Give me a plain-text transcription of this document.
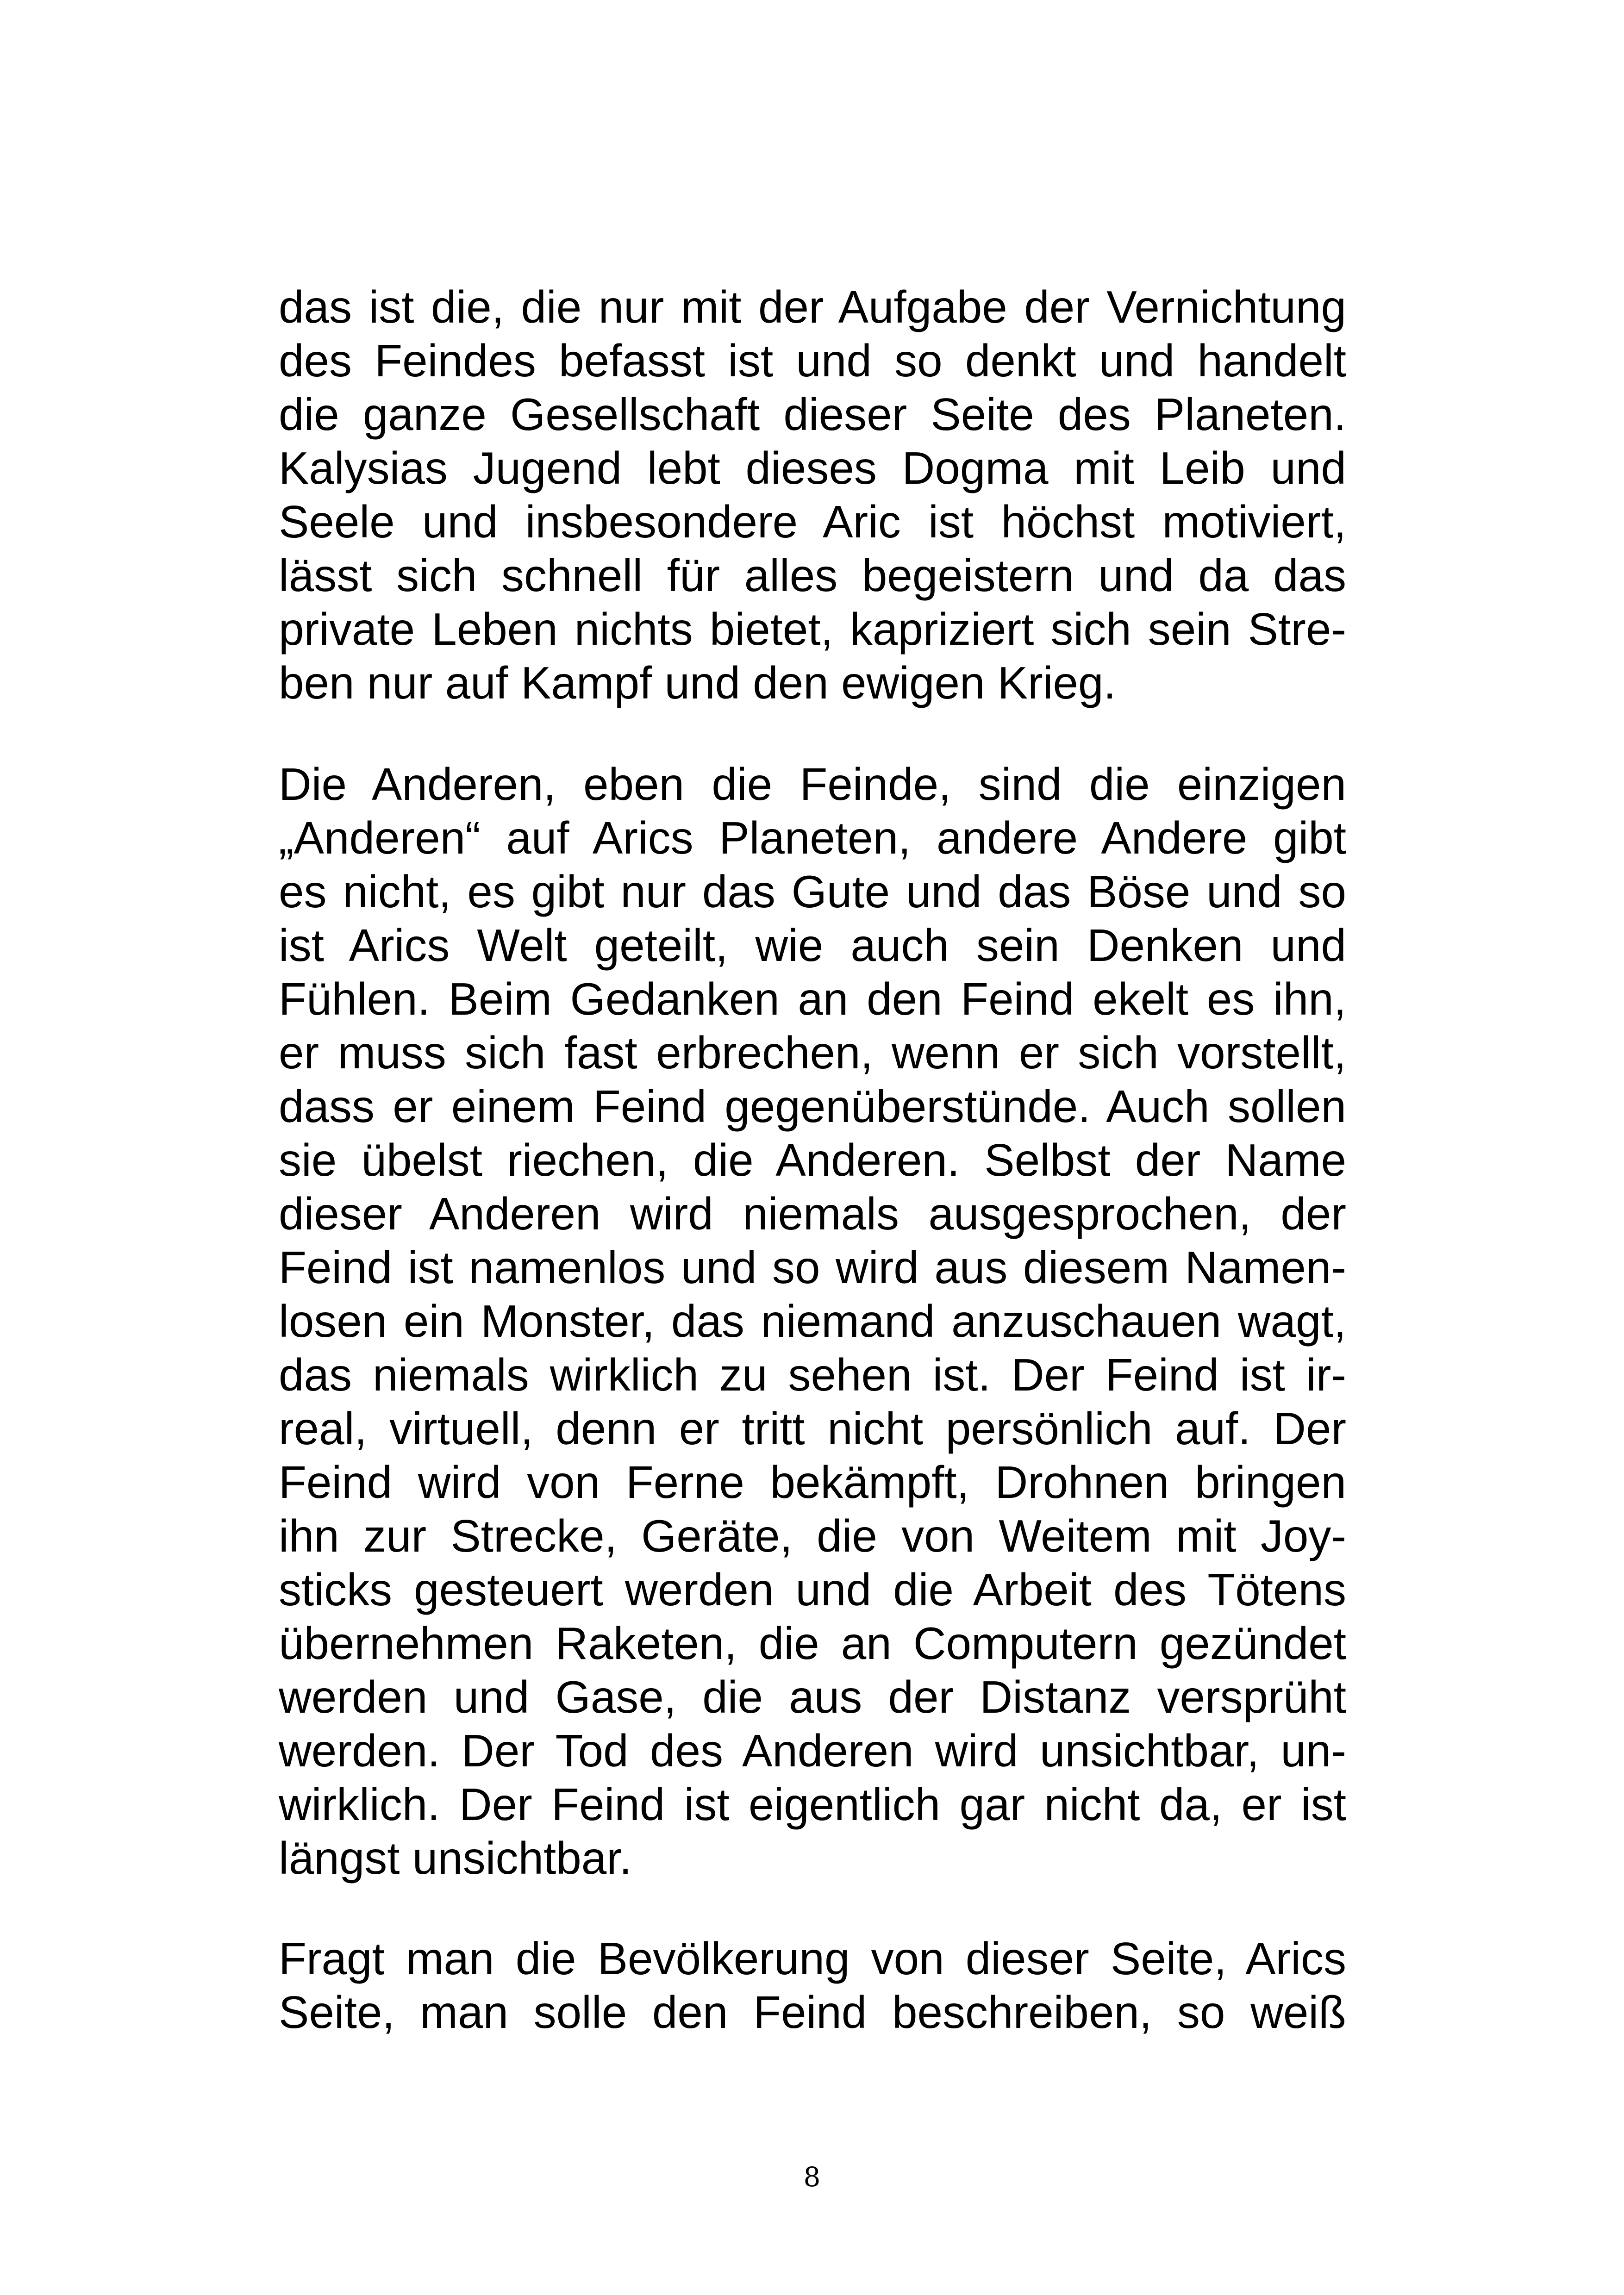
das ist die, die nur mit der Aufgabe der Vernichtung
des Feindes befasst ist und so denkt und handelt
die ganze Gesellschaft dieser Seite des Planeten.
Kalysias Jugend lebt dieses Dogma mit Leib und
Seele und insbesondere Aric ist höchst motiviert,
lässt sich schnell für alles begeistern und da das
private Leben nichts bietet, kapriziert sich sein Stre-
ben nur auf Kampf und den ewigen Krieg.
Die Anderen, eben die Feinde, sind die einzigen
„Anderen“ auf Arics Planeten, andere Andere gibt
es nicht, es gibt nur das Gute und das Böse und so
ist Arics Welt geteilt, wie auch sein Denken und
Fühlen. Beim Gedanken an den Feind ekelt es ihn,
er muss sich fast erbrechen, wenn er sich vorstellt,
dass er einem Feind gegenüberstünde. Auch sollen
sie übelst riechen, die Anderen. Selbst der Name
dieser Anderen wird niemals ausgesprochen, der
Feind ist namenlos und so wird aus diesem Namen-
losen ein Monster, das niemand anzuschauen wagt,
das niemals wirklich zu sehen ist. Der Feind ist ir-
real, virtuell, denn er tritt nicht persönlich auf. Der
Feind wird von Ferne bekämpft, Drohnen bringen
ihn zur Strecke, Geräte, die von Weitem mit Joy-
sticks gesteuert werden und die Arbeit des Tötens
übernehmen Raketen, die an Computern gezündet
werden und Gase, die aus der Distanz versprüht
werden. Der Tod des Anderen wird unsichtbar, un-
wirklich. Der Feind ist eigentlich gar nicht da, er ist
längst unsichtbar.
Fragt man die Bevölkerung von dieser Seite, Arics
Seite, man solle den Feind beschreiben, so weiß
8
